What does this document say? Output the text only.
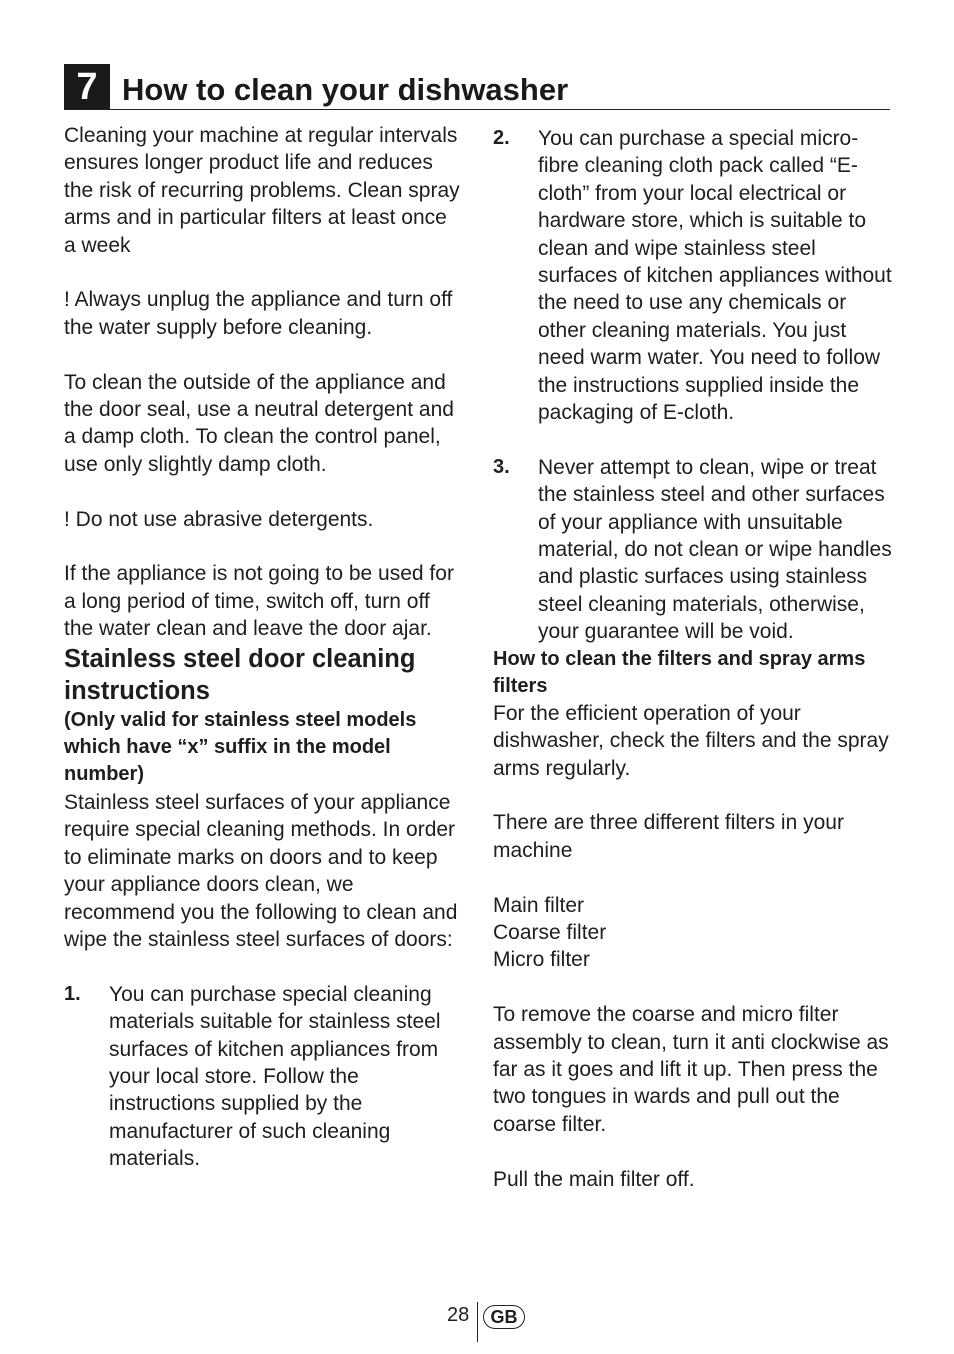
7 How to clean your dishwasher

Cleaning your machine at regular intervals ensures longer product life and reduces the risk of recurring problems. Clean spray arms and in particular filters at least once a week

! Always unplug the appliance and turn off the water supply before cleaning.

To clean the outside of the appliance and the door seal, use a neutral detergent and a damp cloth. To clean the control panel, use only slightly damp cloth.

! Do not use abrasive detergents.

If the appliance is not going to be used for a long period of time, switch off, turn off the water clean and leave the door ajar.

Stainless steel door cleaning instructions

(Only valid for stainless steel models which have “x” suffix in the model number)

Stainless steel surfaces of your appliance require special cleaning methods. In order to eliminate marks on doors and to keep your appliance doors clean, we recommend you the following to clean and wipe the stainless steel surfaces of doors:

1.	You can purchase special cleaning materials suitable for stainless steel surfaces of kitchen appliances from your local store. Follow the instructions supplied by the manufacturer of such cleaning materials.
2.	You can purchase a special micro-fibre cleaning cloth pack called “E-cloth” from your local electrical or hardware store, which is suitable to clean and wipe stainless steel surfaces of kitchen appliances without the need to use any chemicals or other cleaning materials. You just need warm water. You need to follow the instructions supplied inside the packaging of E-cloth.
3.	Never attempt to clean, wipe or treat the stainless steel and other surfaces of your appliance with unsuitable material, do not clean or wipe handles and plastic surfaces using stainless steel cleaning materials, otherwise, your guarantee will be void.

How to clean the filters and spray arms filters

For the efficient operation of your dishwasher, check the filters and the spray arms regularly.

There are three different filters in your machine

Main filter

Coarse filter

Micro filter

To remove the coarse and micro filter assembly to clean, turn it anti clockwise as far as it goes and lift it up. Then press the two tongues in wards and pull out the coarse filter.

Pull the main filter off.

28	GB
